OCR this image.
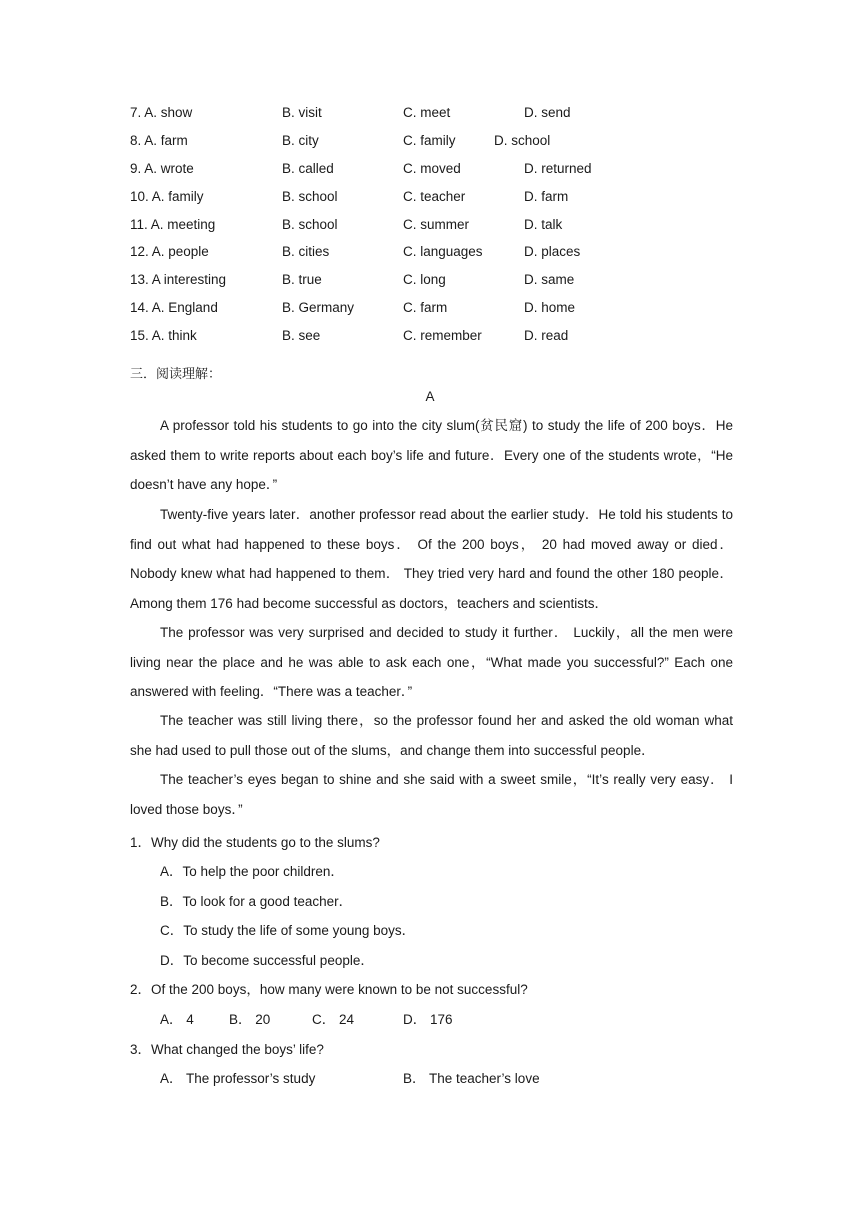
7. A. show	B. visit	C. meet	D. send
8. A. farm	B. city	C. family	D. school
9. A. wrote	B. called	C. moved	D. returned
10. A. family	B. school	C. teacher	D. farm
11. A. meeting	B. school	C. summer	D. talk
12. A. people	B. cities	C. languages	D. places
13. A interesting	B. true	C. long	D. same
14. A. England	B. Germany	C. farm	D. home
15. A. think	B. see	C. remember	D. read
三．阅读理解：
A

A professor told his students to go into the city slum(贫民窟) to study the life of 200 boys．He asked them to write reports about each boy’s life and future．Every one of the students wrote，“He doesn’t have any hope．”

Twenty-five years later．another professor read about the earlier study．He told his students to find out what had happened to these boys． Of the 200 boys， 20 had moved away or died． Nobody knew what had happened to them． They tried very hard and found the other 180 people． Among them 176 had become successful as doctors，teachers and scientists．

The professor was very surprised and decided to study it further． Luckily，all the men were living near the place and he was able to ask each one，“What made you successful?” Each one answered with feeling．“There was a teacher．”

The teacher was still living there，so the professor found her and asked the old woman what she had used to pull those out of the slums，and change them into successful people．

The teacher’s eyes began to shine and she said with a sweet smile，“It’s really very easy． I loved those boys．”

1．Why did the students go to the slums?
A．To help the poor children．
B．To look for a good teacher．
C．To study the life of some young boys．
D．To become successful people．
2．Of the 200 boys，how many were known to be not successful?
A． 4	B． 20	C． 24	D． 176
3．What changed the boys’ life?
A． The professor’s study	B． The teacher’s love
